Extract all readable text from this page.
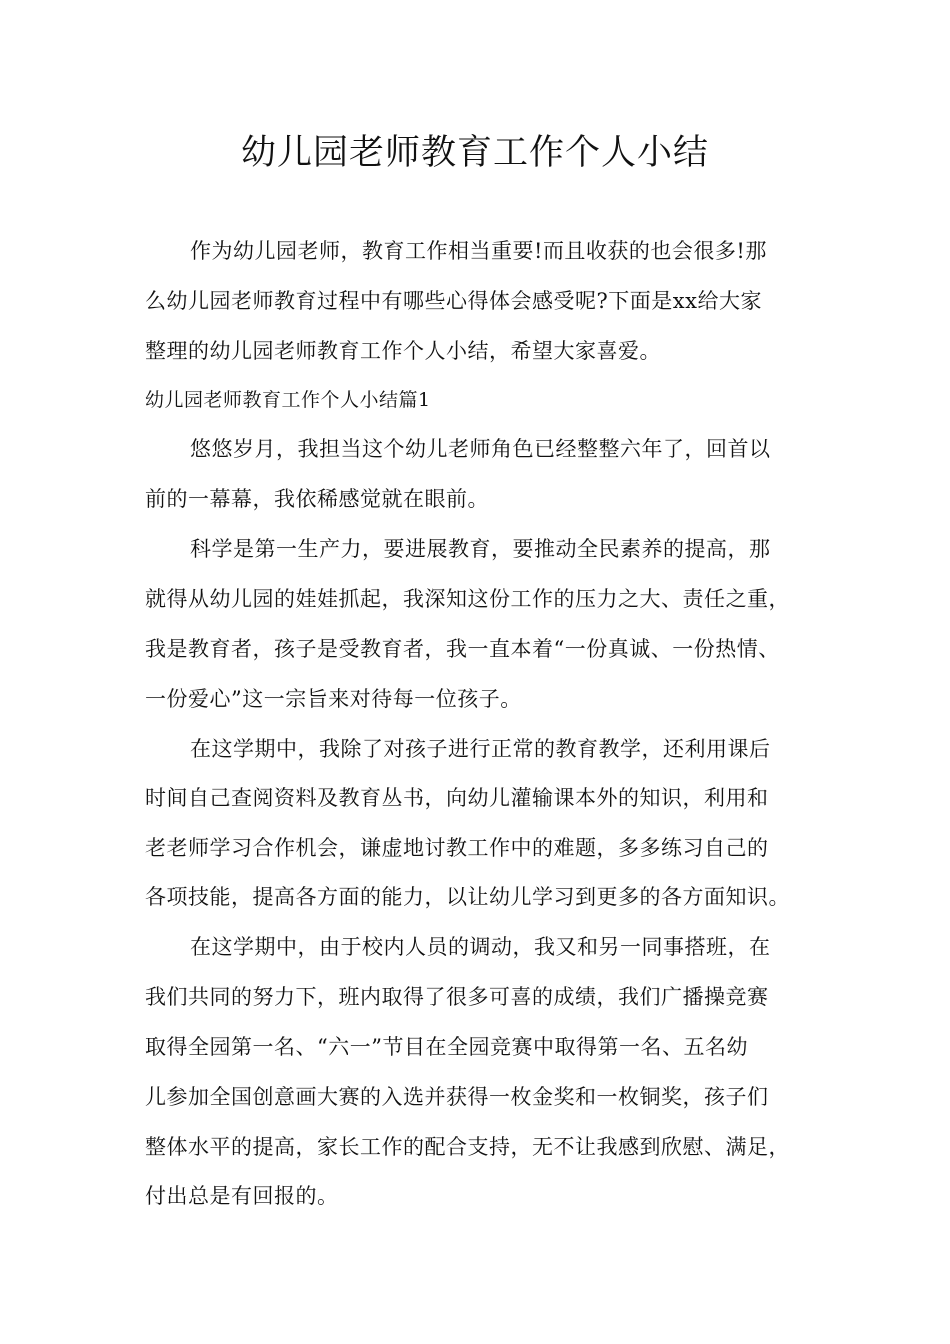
幼儿园老师教育工作个人小结

作为幼儿园老师，教育工作相当重要!而且收获的也会很多!那

么幼儿园老师教育过程中有哪些心得体会感受呢?下面是xx给大家

整理的幼儿园老师教育工作个人小结，希望大家喜爱。

幼儿园老师教育工作个人小结篇1

悠悠岁月，我担当这个幼儿老师角色已经整整六年了，回首以

前的一幕幕，我依稀感觉就在眼前。

科学是第一生产力，要进展教育，要推动全民素养的提高，那

就得从幼儿园的娃娃抓起，我深知这份工作的压力之大、责任之重，

我是教育者，孩子是受教育者，我一直本着“一份真诚、一份热情、

一份爱心”这一宗旨来对待每一位孩子。

在这学期中，我除了对孩子进行正常的教育教学，还利用课后

时间自己查阅资料及教育丛书，向幼儿灌输课本外的知识，利用和

老老师学习合作机会，谦虚地讨教工作中的难题，多多练习自己的

各项技能，提高各方面的能力，以让幼儿学习到更多的各方面知识。

在这学期中，由于校内人员的调动，我又和另一同事搭班，在

我们共同的努力下，班内取得了很多可喜的成绩，我们广播操竞赛

取得全园第一名、“六一”节目在全园竞赛中取得第一名、五名幼

儿参加全国创意画大赛的入选并获得一枚金奖和一枚铜奖，孩子们

整体水平的提高，家长工作的配合支持，无不让我感到欣慰、满足，

付出总是有回报的。
